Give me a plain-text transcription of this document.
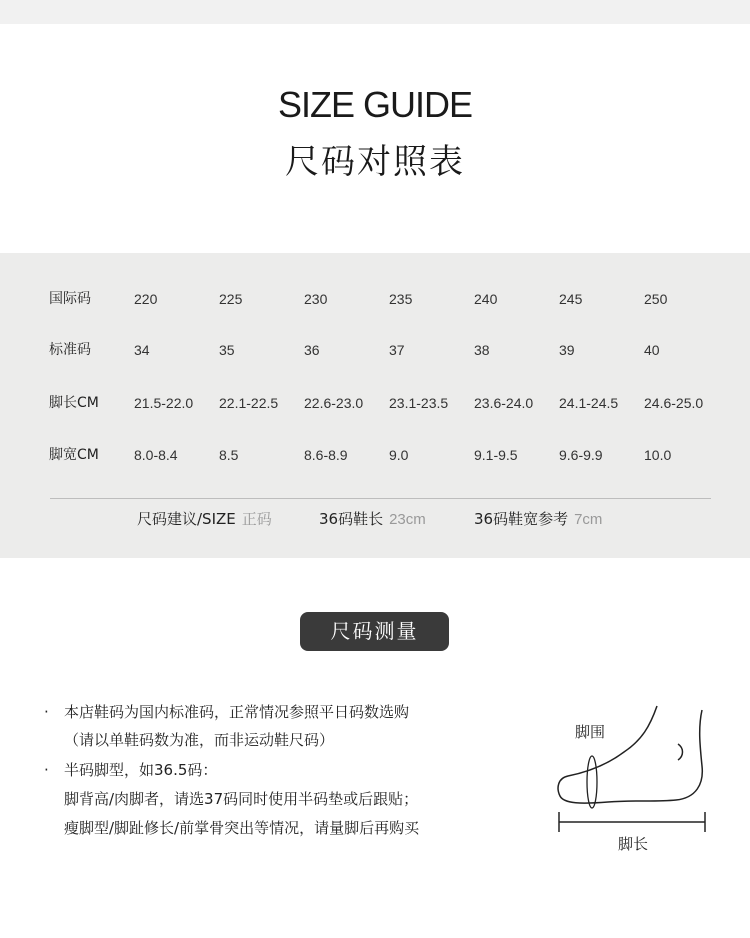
SIZE GUIDE
尺码对照表
国际码	220	225	230	235	240	245	250
标准码	34	35	36	37	38	39	40
脚长CM	21.5-22.0 22.1-22.5 22.6-23.0 23.1-23.5 23.6-24.0 24.1-24.5 24.6-25.0
脚宽CM	8.0-8.4	8.5	8.6-8.9	9.0	9.1-9.5	9.6-9.9	10.0
尺码建议/SIZE 正码	36码鞋长 23cm	36码鞋宽参考 7cm
尺码测量
· 本店鞋码为国内标准码，正常情况参照平日码数选购
（请以单鞋码数为准，而非运动鞋尺码）
· 半码脚型，如36.5码：
脚背高/肉脚者，请选37码同时使用半码垫或后跟贴；
瘦脚型/脚趾修长/前掌骨突出等情况，请量脚后再购买
脚围
脚长
